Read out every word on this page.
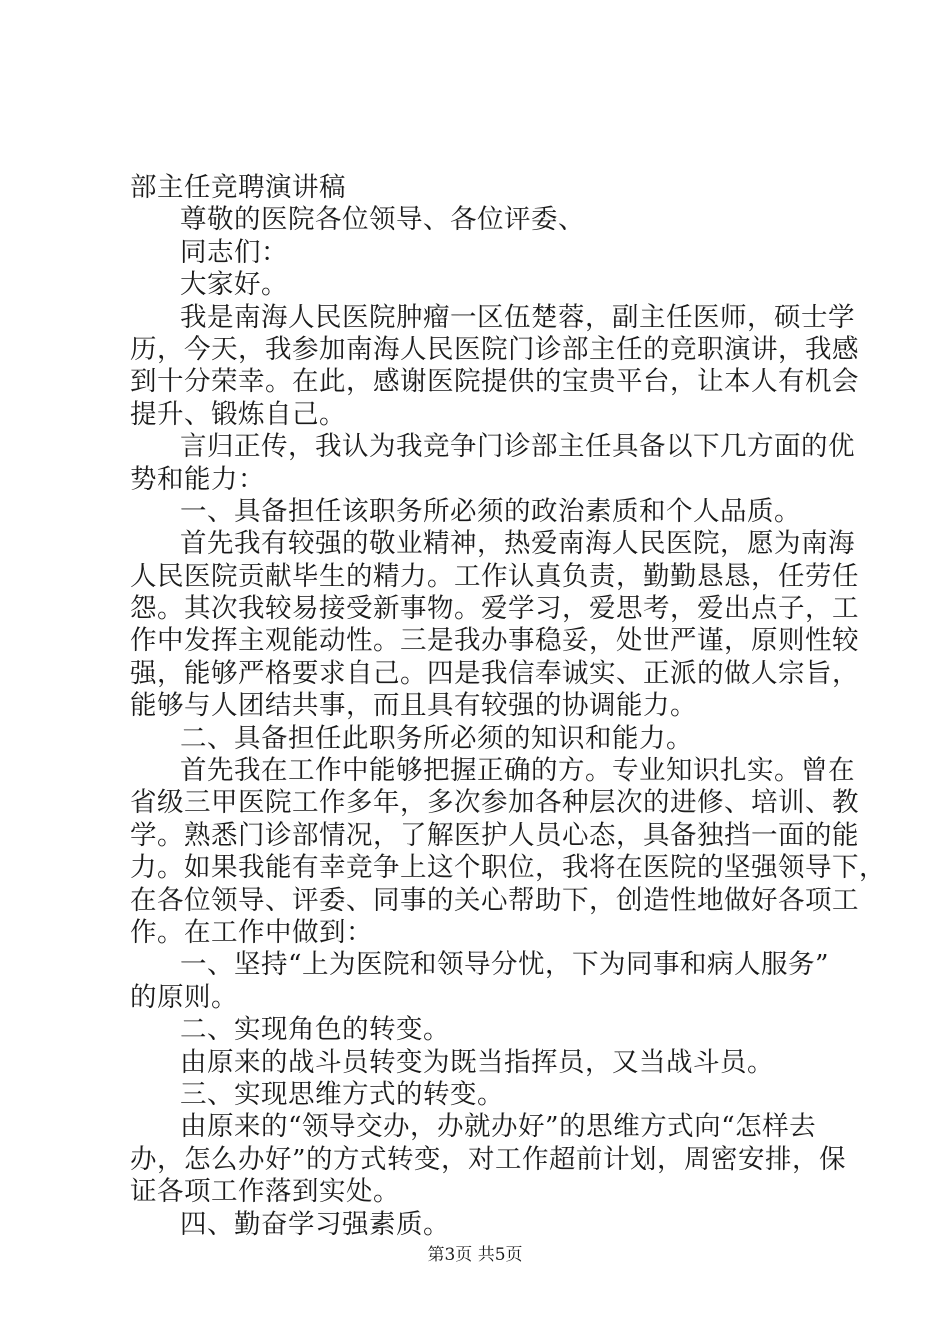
部主任竞聘演讲稿
尊敬的医院各位领导、各位评委、
同志们：
大家好。
我是南海人民医院肿瘤一区伍楚蓉，副主任医师，硕士学
历，今天，我参加南海人民医院门诊部主任的竞职演讲，我感
到十分荣幸。在此，感谢医院提供的宝贵平台，让本人有机会
提升、锻炼自己。
言归正传，我认为我竞争门诊部主任具备以下几方面的优
势和能力：
一、具备担任该职务所必须的政治素质和个人品质。
首先我有较强的敬业精神，热爱南海人民医院，愿为南海
人民医院贡献毕生的精力。工作认真负责，勤勤恳恳，任劳任
怨。其次我较易接受新事物。爱学习，爱思考，爱出点子，工
作中发挥主观能动性。三是我办事稳妥，处世严谨，原则性较
强，能够严格要求自己。四是我信奉诚实、正派的做人宗旨，
能够与人团结共事，而且具有较强的协调能力。
二、具备担任此职务所必须的知识和能力。
首先我在工作中能够把握正确的方。专业知识扎实。曾在
省级三甲医院工作多年，多次参加各种层次的进修、培训、教
学。熟悉门诊部情况，了解医护人员心态，具备独挡一面的能
力。如果我能有幸竞争上这个职位，我将在医院的坚强领导下，
在各位领导、评委、同事的关心帮助下，创造性地做好各项工
作。在工作中做到：
一、坚持“上为医院和领导分忧，下为同事和病人服务”
的原则。
二、实现角色的转变。
由原来的战斗员转变为既当指挥员，又当战斗员。
三、实现思维方式的转变。
由原来的“领导交办，办就办好”的思维方式向“怎样去
办，怎么办好”的方式转变，对工作超前计划，周密安排，保
证各项工作落到实处。
四、勤奋学习强素质。
第3页 共5页
